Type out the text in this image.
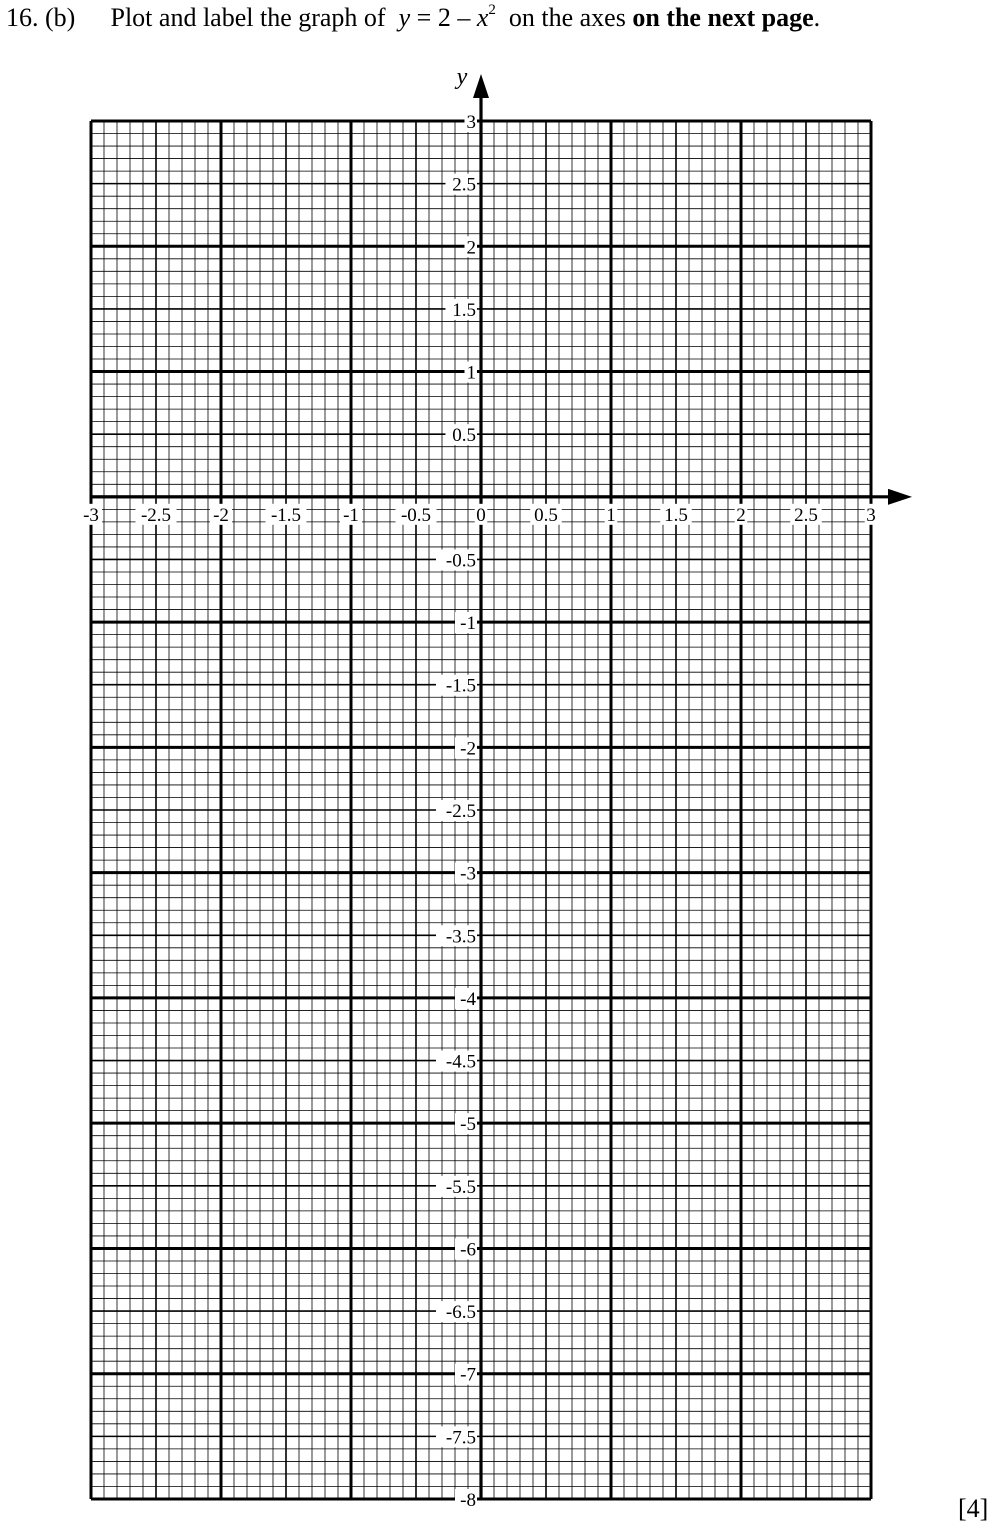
16. (b) Plot and label the graph of $y = 2 - x^2$ on the axes on the next page.
-3 -2.5 -2 -1.5 -1 -0.5 0	0.5	1	1.5	2	2.5	3
3
2.5
2
1.5
1
0.5
-0.5
-1
-1.5
-2
-2.5
-3
-3.5
-4
-4.5
-5
-5.5
-6
-6.5
-7
-7.5
-8
y
[4]
